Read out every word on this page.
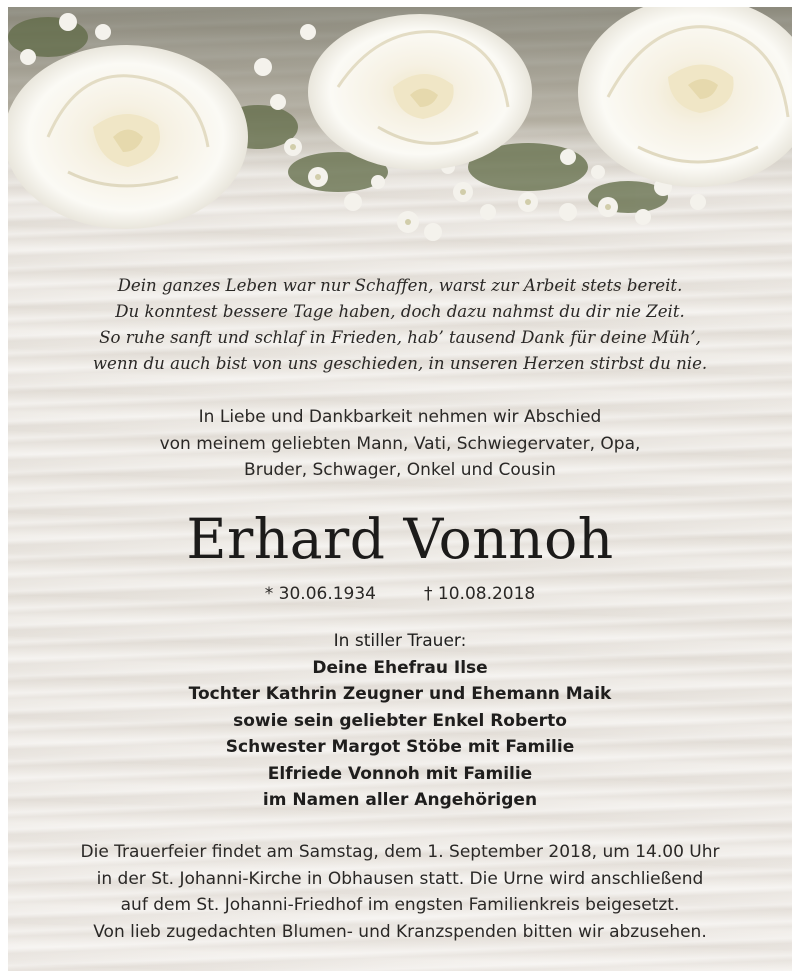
Dein ganzes Leben war nur Schaffen, warst zur Arbeit stets bereit.
Du konntest bessere Tage haben, doch dazu nahmst du dir nie Zeit.
So ruhe sanft und schlaf in Frieden, hab’ tausend Dank für deine Müh’,
wenn du auch bist von uns geschieden, in unseren Herzen stirbst du nie.
In Liebe und Dankbarkeit nehmen wir Abschied
von meinem geliebten Mann, Vati, Schwiegervater, Opa,
Bruder, Schwager, Onkel und Cousin
Erhard Vonnoh
* 30.06.1934	† 10.08.2018
In stiller Trauer:
Deine Ehefrau Ilse
Tochter Kathrin Zeugner und Ehemann Maik
sowie sein geliebter Enkel Roberto
Schwester Margot Stöbe mit Familie
Elfriede Vonnoh mit Familie
im Namen aller Angehörigen
Die Trauerfeier findet am Samstag, dem 1. September 2018, um 14.00 Uhr
in der St. Johanni-Kirche in Obhausen statt. Die Urne wird anschließend
auf dem St. Johanni-Friedhof im engsten Familienkreis beigesetzt.
Von lieb zugedachten Blumen- und Kranzspenden bitten wir abzusehen.
